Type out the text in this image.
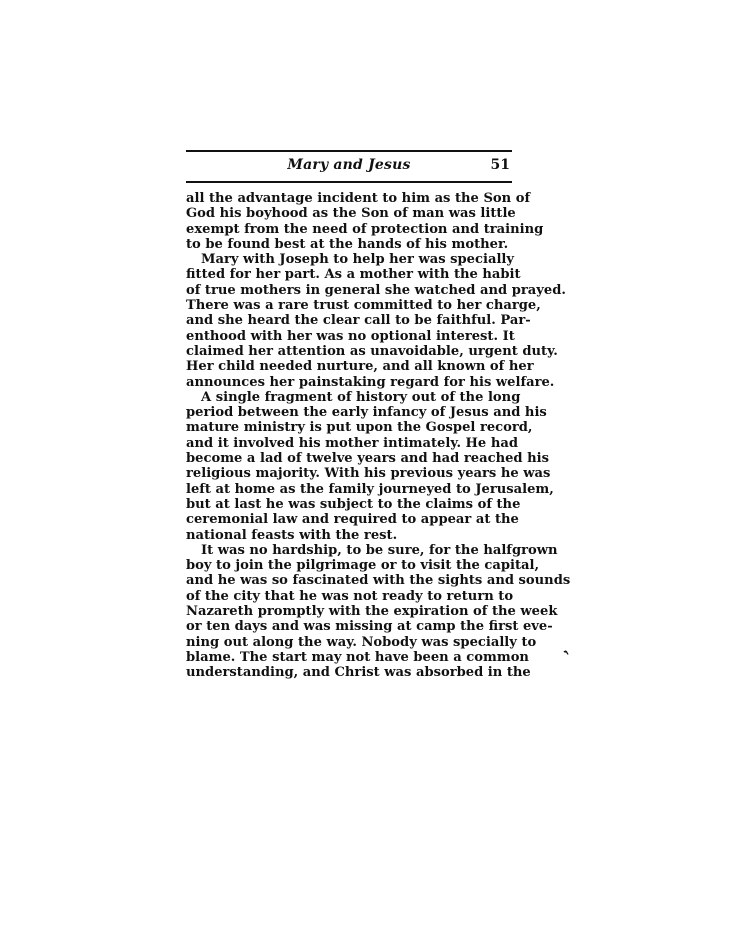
Mary and Jesus	51
all the advantage incident to him as the Son of
God his boyhood as the Son of man was little
exempt from the need of protection and training
to be found best at the hands of his mother.
Mary with Joseph to help her was specially
fitted for her part. As a mother with the habit
of true mothers in general she watched and prayed.
There was a rare trust committed to her charge,
and she heard the clear call to be faithful. Par-
enthood with her was no optional interest. It
claimed her attention as unavoidable, urgent duty.
Her child needed nurture, and all known of her
announces her painstaking regard for his welfare.
A single fragment of history out of the long
period between the early infancy of Jesus and his
mature ministry is put upon the Gospel record,
and it involved his mother intimately. He had
become a lad of twelve years and had reached his
religious majority. With his previous years he was
left at home as the family journeyed to Jerusalem,
but at last he was subject to the claims of the
ceremonial law and required to appear at the
national feasts with the rest.
It was no hardship, to be sure, for the halfgrown
boy to join the pilgrimage or to visit the capital,
and he was so fascinated with the sights and sounds
of the city that he was not ready to return to
Nazareth promptly with the expiration of the week
or ten days and was missing at camp the first eve-
ning out along the way. Nobody was specially to
blame. The start may not have been a common
understanding, and Christ was absorbed in the
